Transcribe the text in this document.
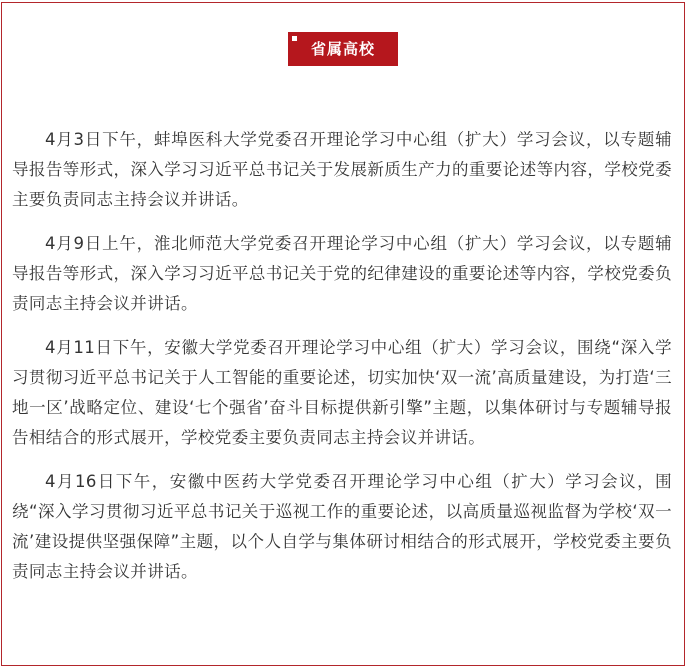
省属高校

4月3日下午，蚌埠医科大学党委召开理论学习中心组（扩大）学习会议，以专题辅导报告等形式，深入学习习近平总书记关于发展新质生产力的重要论述等内容，学校党委主要负责同志主持会议并讲话。

4月9日上午，淮北师范大学党委召开理论学习中心组（扩大）学习会议，以专题辅导报告等形式，深入学习习近平总书记关于党的纪律建设的重要论述等内容，学校党委负责同志主持会议并讲话。

4月11日下午，安徽大学党委召开理论学习中心组（扩大）学习会议，围绕“深入学习贯彻习近平总书记关于人工智能的重要论述，切实加快‘双一流’高质量建设，为打造‘三地一区’战略定位、建设‘七个强省’奋斗目标提供新引擎”主题，以集体研讨与专题辅导报告相结合的形式展开，学校党委主要负责同志主持会议并讲话。

4月16日下午，安徽中医药大学党委召开理论学习中心组（扩大）学习会议，围绕“深入学习贯彻习近平总书记关于巡视工作的重要论述，以高质量巡视监督为学校‘双一流’建设提供坚强保障”主题，以个人自学与集体研讨相结合的形式展开，学校党委主要负责同志主持会议并讲话。
